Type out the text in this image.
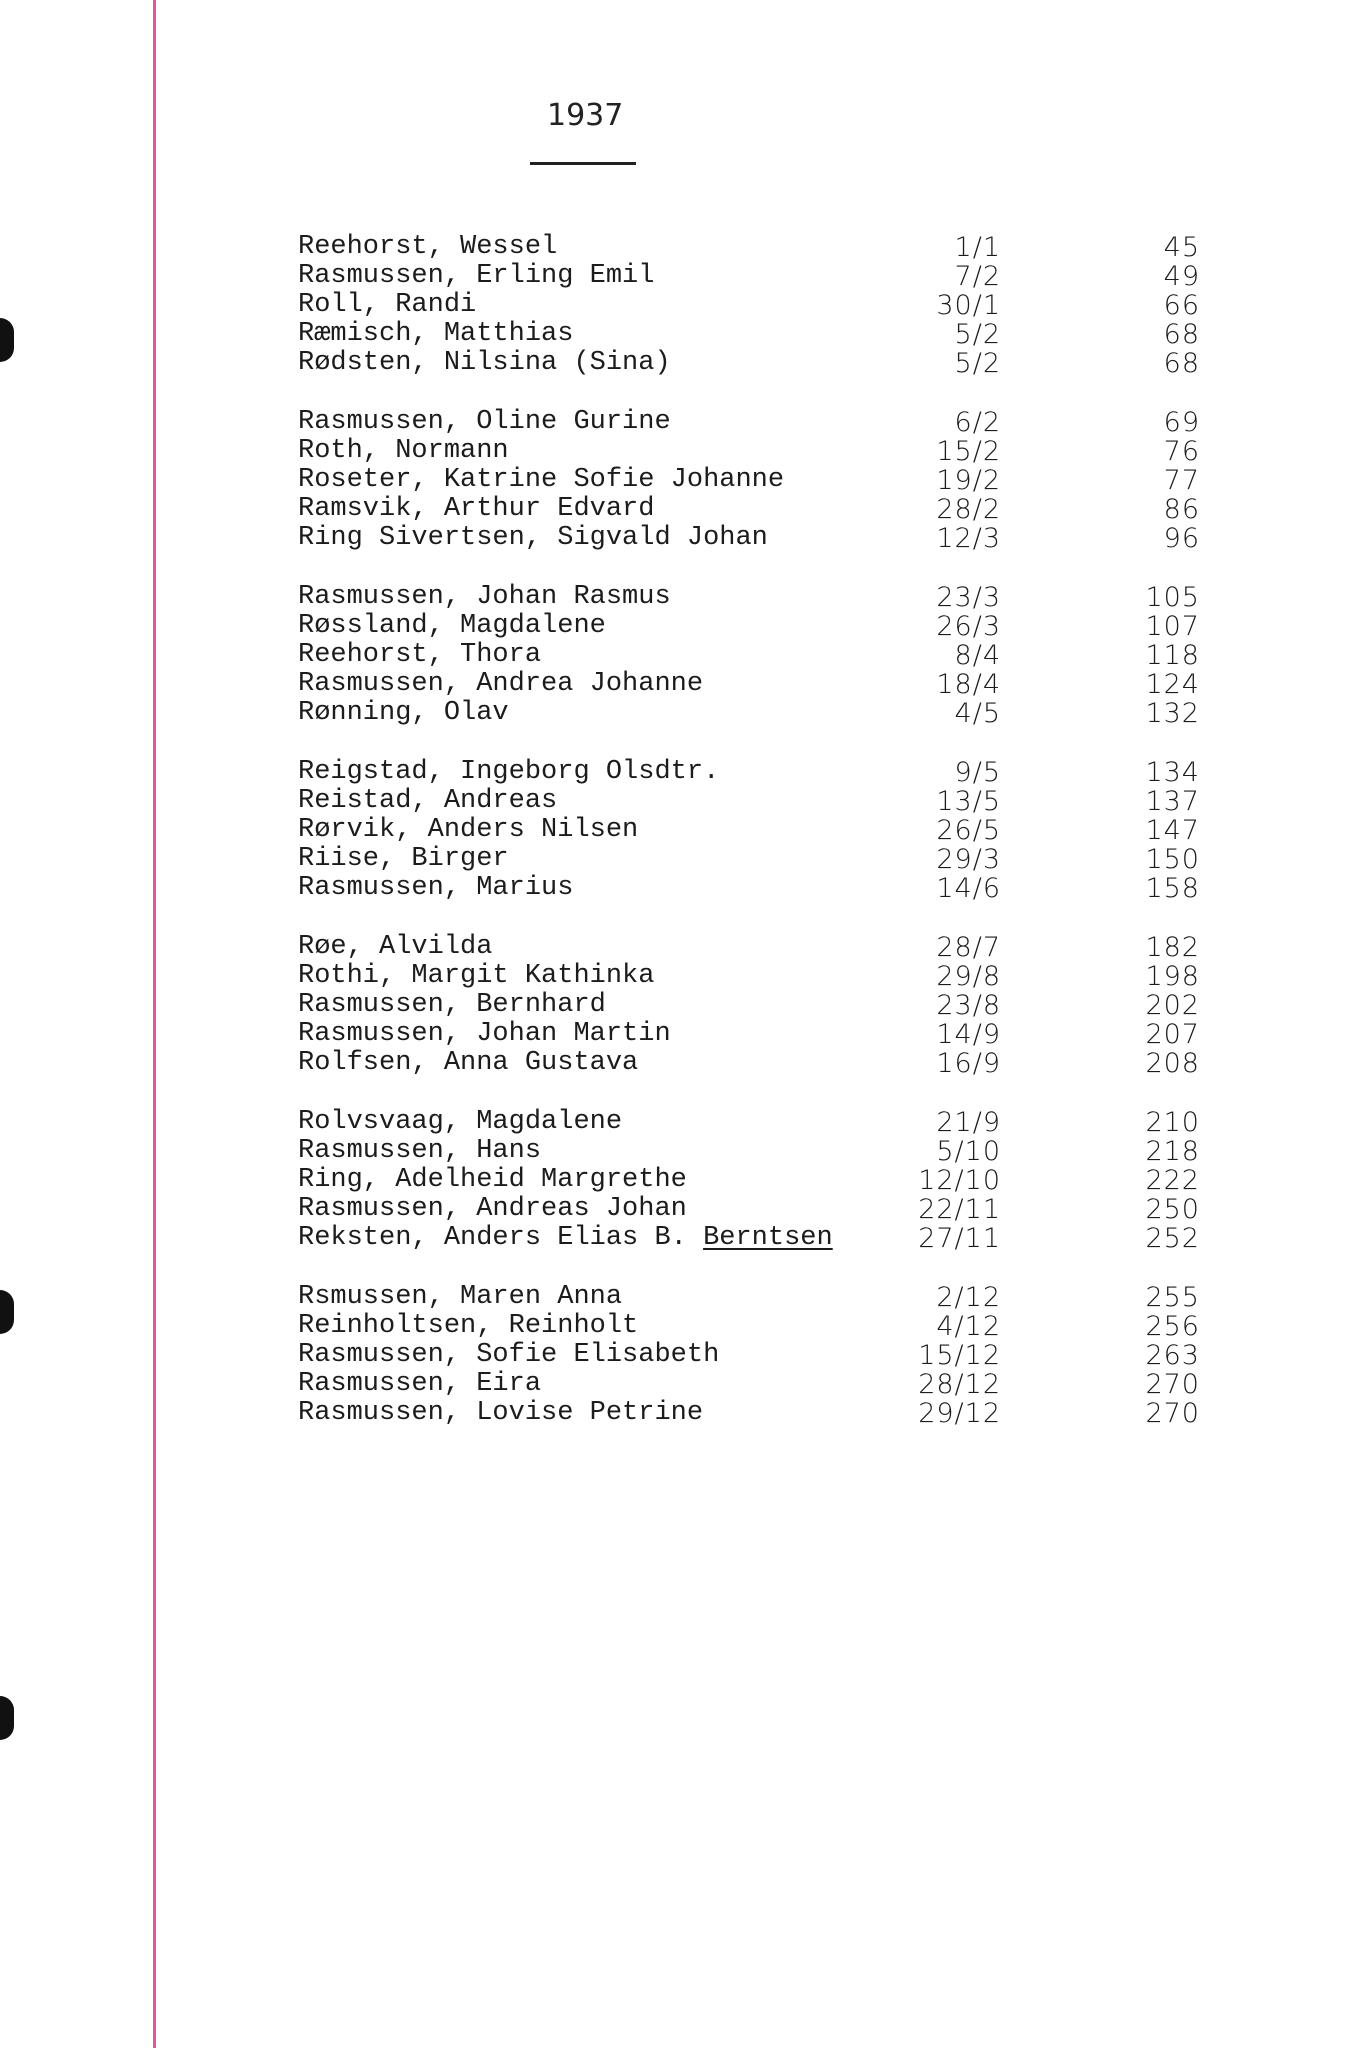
1937
Reehorst, Wessel	1/1	45
Rasmussen, Erling Emil	7/2	49
Roll, Randi	30/1	66
Ræmisch, Matthias	5/2	68
Rødsten, Nilsina (Sina)	5/2	68
Rasmussen, Oline Gurine	6/2	69
Roth, Normann	15/2	76
Roseter, Katrine Sofie Johanne	19/2	77
Ramsvik, Arthur Edvard	28/2	86
Ring Sivertsen, Sigvald Johan	12/3	96
Rasmussen, Johan Rasmus	23/3	105
Røssland, Magdalene	26/3	107
Reehorst, Thora	8/4	118
Rasmussen, Andrea Johanne	18/4	124
Rønning, Olav	4/5	132
Reigstad, Ingeborg Olsdtr.	9/5	134
Reistad, Andreas	13/5	137
Rørvik, Anders Nilsen	26/5	147
Riise, Birger	29/3	150
Rasmussen, Marius	14/6	158
Røe, Alvilda	28/7	182
Rothi, Margit Kathinka	29/8	198
Rasmussen, Bernhard	23/8	202
Rasmussen, Johan Martin	14/9	207
Rolfsen, Anna Gustava	16/9	208
Rolvsvaag, Magdalene	21/9	210
Rasmussen, Hans	5/10	218
Ring, Adelheid Margrethe	12/10	222
Rasmussen, Andreas Johan	22/11	250
Reksten, Anders Elias B. Berntsen	27/11	252
Rsmussen, Maren Anna	2/12	255
Reinholtsen, Reinholt	4/12	256
Rasmussen, Sofie Elisabeth	15/12	263
Rasmussen, Eira	28/12	270
Rasmussen, Lovise Petrine	29/12	270
